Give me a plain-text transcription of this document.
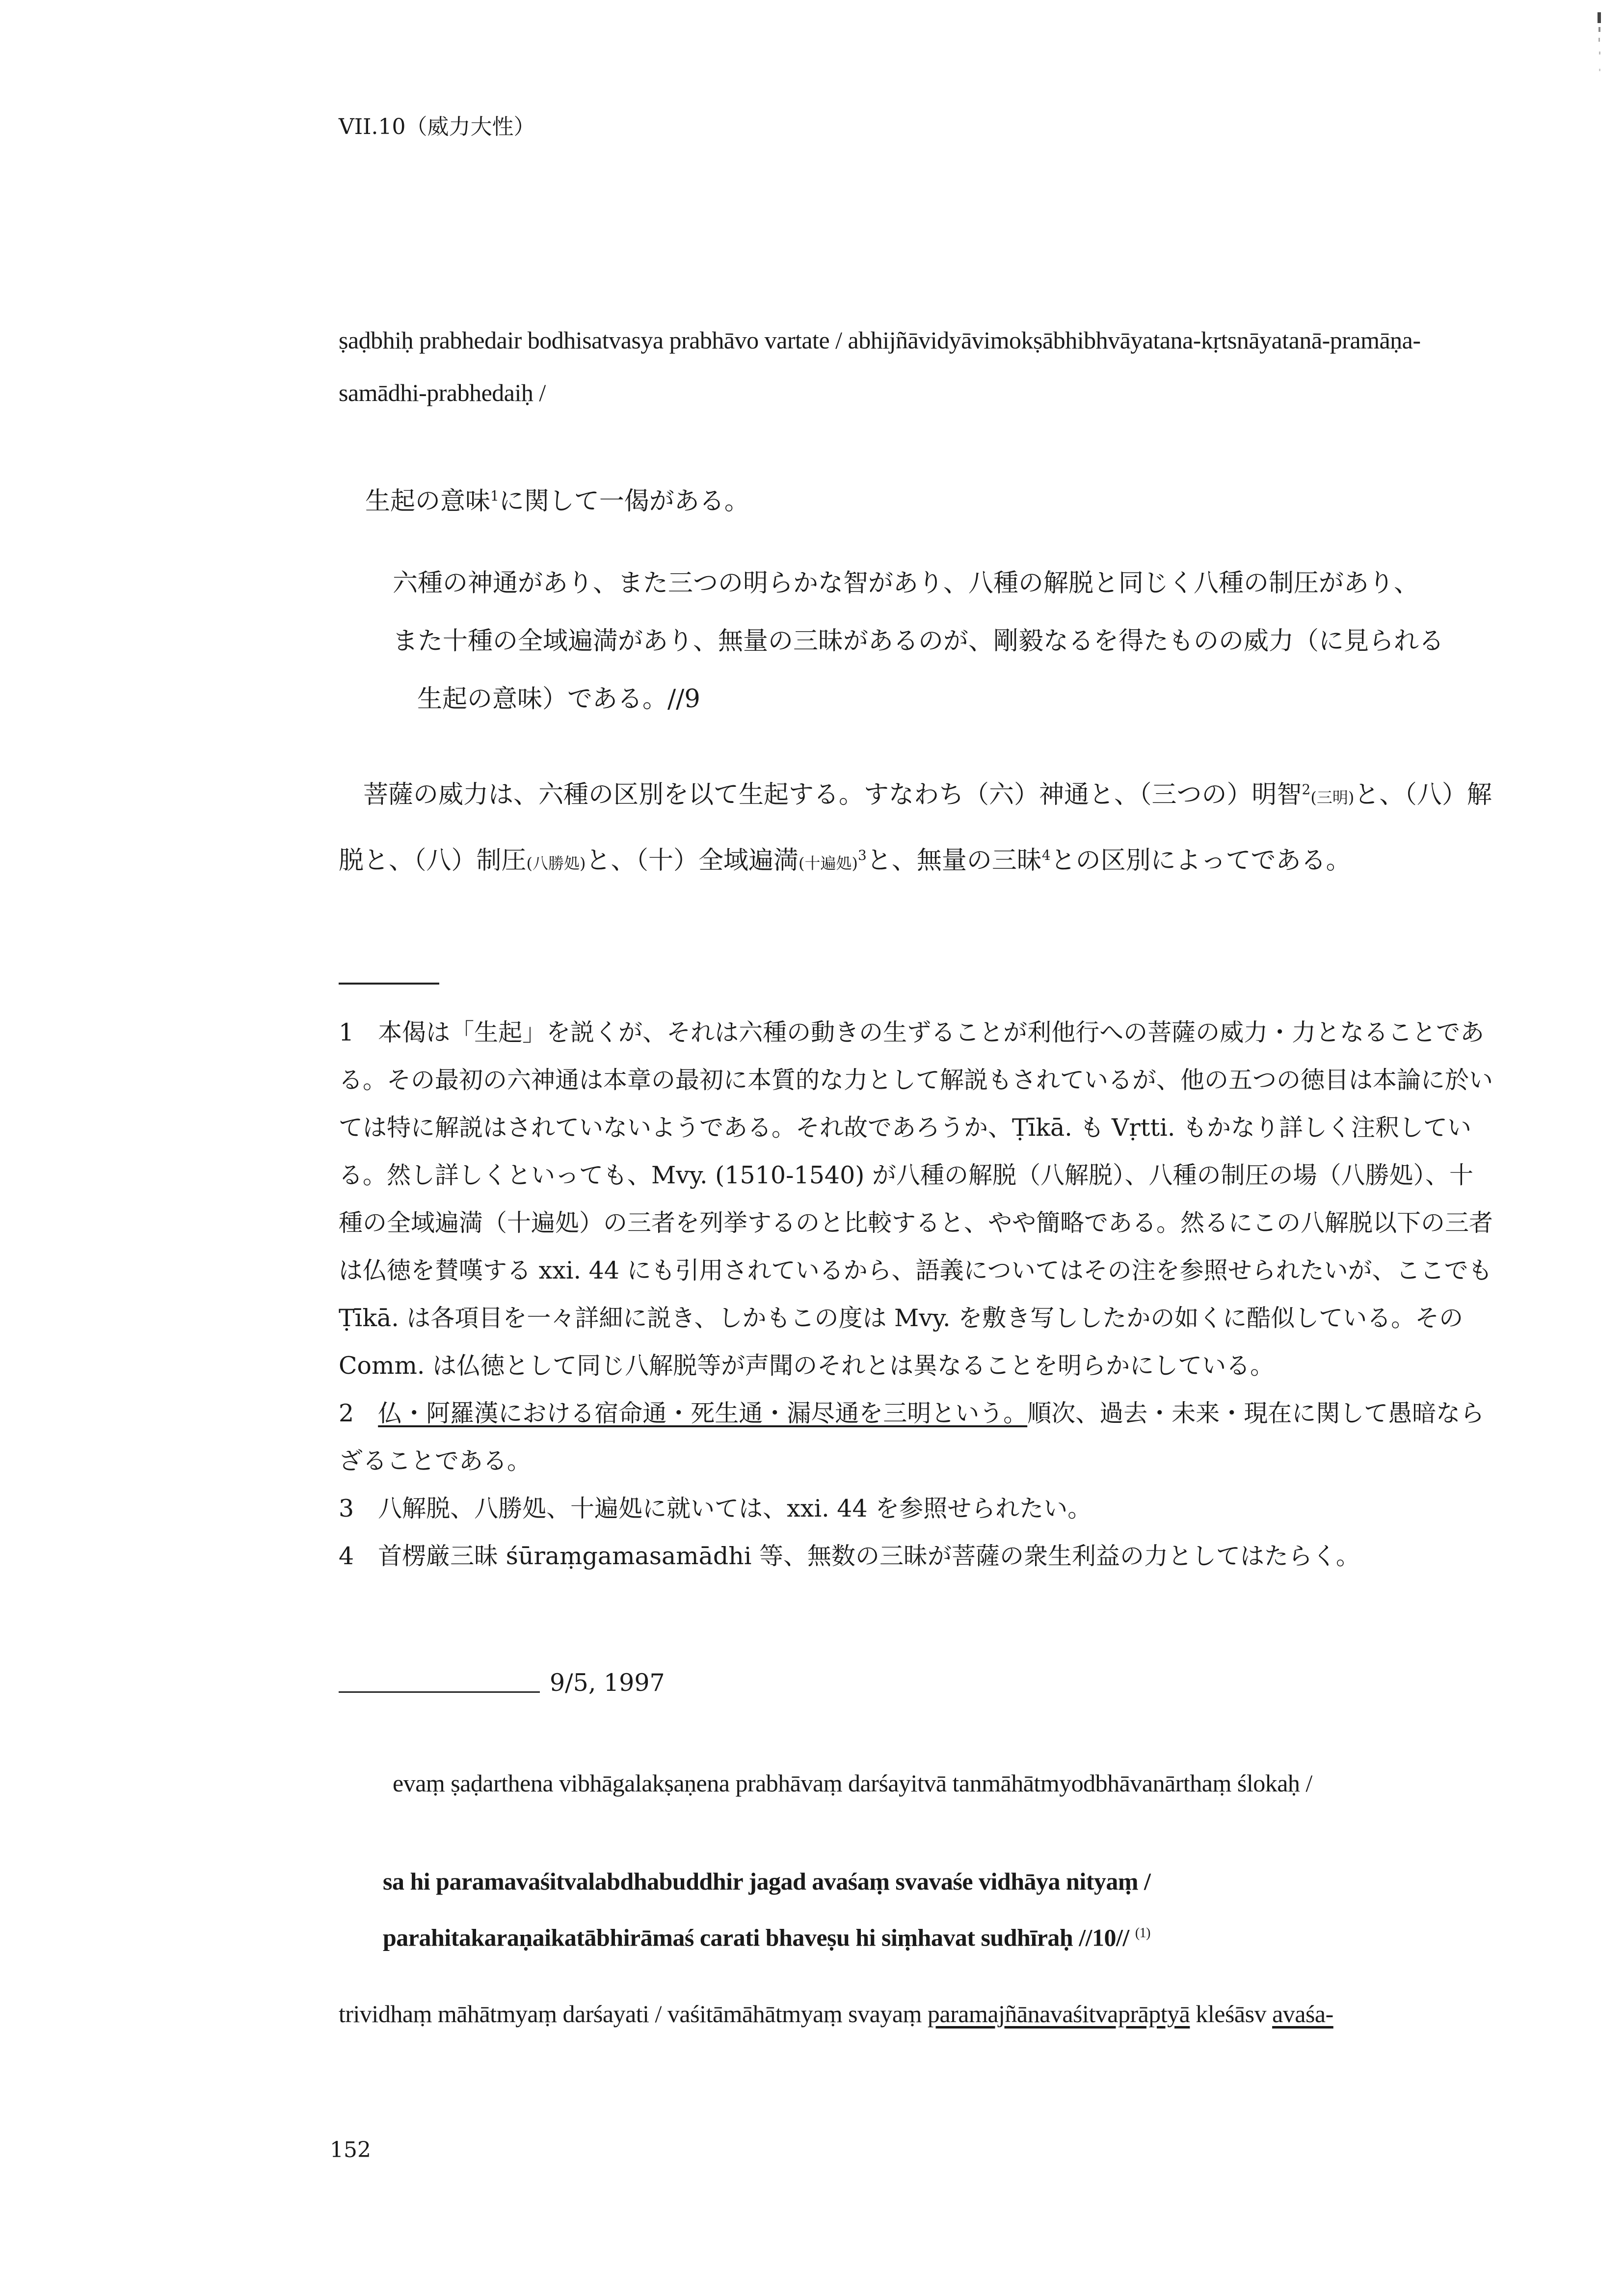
VII.10（威力大性）

ṣaḍbhiḥ prabhedair bodhisatvasya prabhāvo vartate / abhijñāvidyāvimokṣābhibhvāyatana-kṛtsnāyatanā-pramāṇa-samādhi-prabhedaiḥ /

生起の意味$^1$に関して一偈がある。

六種の神通があり、また三つの明らかな智があり、八種の解脱と同じく八種の制圧があり、
また十種の全域遍満があり、無量の三昧があるのが、剛毅なるを得たものの威力（に見られる
生起の意味）である。//9

菩薩の威力は、六種の区別を以て生起する。すなわち（六）神通と、（三つの）明智$^2$(三明)と、（八）解脱と、（八）制圧(八勝処)と、（十）全域遍満(十遍処)$^3$と、無量の三昧$^4$との区別によってである。

1　本偈は「生起」を説くが、それは六種の動きの生ずることが利他行への菩薩の威力・力となることである。その最初の六神通は本章の最初に本質的な力として解説もされているが、他の五つの徳目は本論に於いては特に解説はされていないようである。それ故であろうか、Ṭīkā. も Vṛtti. もかなり詳しく注釈している。然し詳しくといっても、Mvy. (1510-1540) が八種の解脱（八解脱）、八種の制圧の場（八勝処）、十種の全域遍満（十遍処）の三者を列挙するのと比較すると、やや簡略である。然るにこの八解脱以下の三者は仏徳を賛嘆する xxi. 44 にも引用されているから、語義についてはその注を参照せられたいが、ここでも Ṭīkā. は各項目を一々詳細に説き、しかもこの度は Mvy. を敷き写ししたかの如くに酷似している。その Comm. は仏徳として同じ八解脱等が声聞のそれとは異なることを明らかにしている。
2　 仏・阿羅漢における宿命通・死生通・漏尽通を三明という。順次、過去・未来・現在に関して愚暗ならざることである。
3　八解脱、八勝処、十遍処に就いては、xxi. 44 を参照せられたい。
4　首楞厳三昧 śūraṃgamasamādhi 等、無数の三昧が菩薩の衆生利益の力としてはたらく。
9/5, 1997

evaṃ ṣaḍarthena vibhāgalakṣaṇena prabhāvaṃ darśayitvā tanmāhātmyodbhāvanārthaṃ ślokaḥ /

sa hi paramavaśitvalabdhabuddhir jagad avaśaṃ svavaśe vidhāya nityaṃ /
parahitakaraṇaikatābhirāmaś carati bhaveṣu hi siṃhavat sudhīraḥ //10// $^{(1)}$

trividhaṃ māhātmyaṃ darśayati / vaśitāmāhātmyaṃ svayaṃ paramajñānavaśitvaprāptyā kleśāsv avaśa-

152
